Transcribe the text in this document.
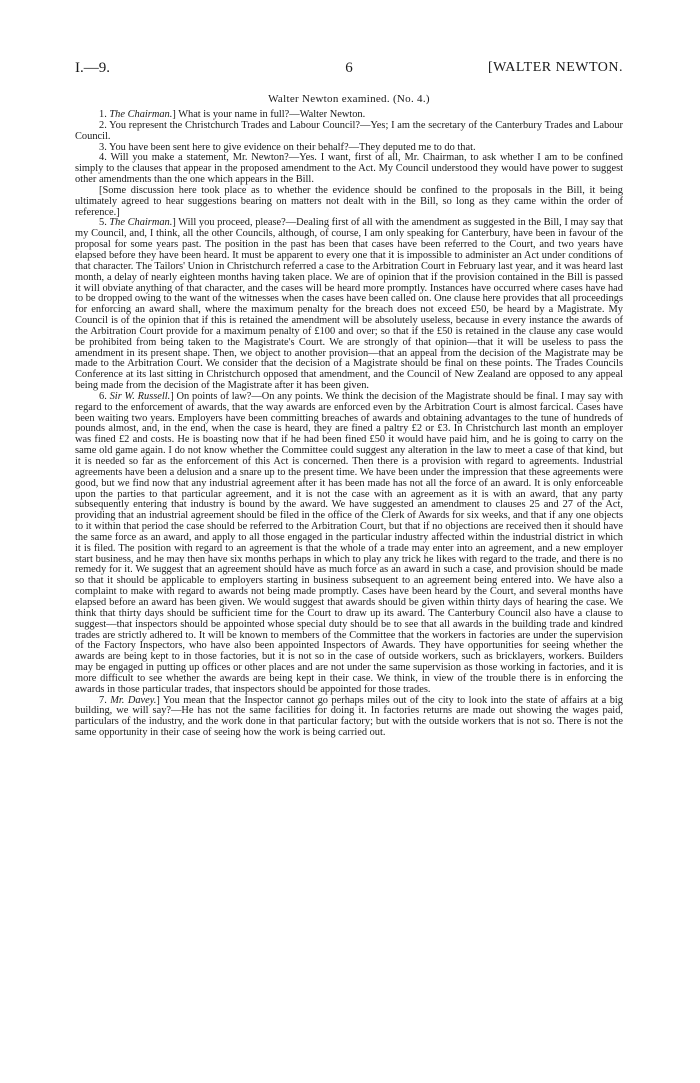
I.—9.	6	[WALTER NEWTON.
Walter Newton examined. (No. 4.)

1. The Chairman.] What is your name in full?—Walter Newton.

2. You represent the Christchurch Trades and Labour Council?—Yes; I am the secretary of the Canterbury Trades and Labour Council.

3. You have been sent here to give evidence on their behalf?—They deputed me to do that.

4. Will you make a statement, Mr. Newton?—Yes. I want, first of all, Mr. Chairman, to ask whether I am to be confined simply to the clauses that appear in the proposed amendment to the Act. My Council understood they would have power to suggest other amendments than the one which appears in the Bill.

[Some discussion here took place as to whether the evidence should be confined to the proposals in the Bill, it being ultimately agreed to hear suggestions bearing on matters not dealt with in the Bill, so long as they came within the order of reference.]

5. The Chairman.] Will you proceed, please?—Dealing first of all with the amendment as suggested in the Bill, I may say that my Council, and, I think, all the other Councils, although, of course, I am only speaking for Canterbury, have been in favour of the proposal for some years past. The position in the past has been that cases have been referred to the Court, and two years have elapsed before they have been heard. It must be apparent to every one that it is impossible to administer an Act under conditions of that character. The Tailors' Union in Christchurch referred a case to the Arbitration Court in February last year, and it was heard last month, a delay of nearly eighteen months having taken place. We are of opinion that if the provision contained in the Bill is passed it will obviate anything of that character, and the cases will be heard more promptly. Instances have occurred where cases have had to be dropped owing to the want of the witnesses when the cases have been called on. One clause here provides that all proceedings for enforcing an award shall, where the maximum penalty for the breach does not exceed £50, be heard by a Magistrate. My Council is of the opinion that if this is retained the amendment will be absolutely useless, because in every instance the awards of the Arbitration Court provide for a maximum penalty of £100 and over; so that if the £50 is retained in the clause any case would be prohibited from being taken to the Magistrate's Court. We are strongly of that opinion—that it will be useless to pass the amendment in its present shape. Then, we object to another provision—that an appeal from the decision of the Magistrate may be made to the Arbitration Court. We consider that the decision of a Magistrate should be final on these points. The Trades Councils Conference at its last sitting in Christchurch opposed that amendment, and the Council of New Zealand are opposed to any appeal being made from the decision of the Magistrate after it has been given.

6. Sir W. Russell.] On points of law?—On any points. We think the decision of the Magistrate should be final. I may say with regard to the enforcement of awards, that the way awards are enforced even by the Arbitration Court is almost farcical. Cases have been waiting two years. Employers have been committing breaches of awards and obtaining advantages to the tune of hundreds of pounds almost, and, in the end, when the case is heard, they are fined a paltry £2 or £3. In Christchurch last month an employer was fined £2 and costs. He is boasting now that if he had been fined £50 it would have paid him, and he is going to carry on the same old game again. I do not know whether the Committee could suggest any alteration in the law to meet a case of that kind, but it is needed so far as the enforcement of this Act is concerned. Then there is a provision with regard to agreements. Industrial agreements have been a delusion and a snare up to the present time. We have been under the impression that these agreements were good, but we find now that any industrial agreement after it has been made has not all the force of an award. It is only enforceable upon the parties to that particular agreement, and it is not the case with an agreement as it is with an award, that any party subsequently entering that industry is bound by the award. We have suggested an amendment to clauses 25 and 27 of the Act, providing that an industrial agreement should be filed in the office of the Clerk of Awards for six weeks, and that if any one objects to it within that period the case should be referred to the Arbitration Court, but that if no objections are received then it should have the same force as an award, and apply to all those engaged in the particular industry affected within the industrial district in which it is filed. The position with regard to an agreement is that the whole of a trade may enter into an agreement, and a new employer start business, and he may then have six months perhaps in which to play any trick he likes with regard to the trade, and there is no remedy for it. We suggest that an agreement should have as much force as an award in such a case, and provision should be made so that it should be applicable to employers starting in business subsequent to an agreement being entered into. We have also a complaint to make with regard to awards not being made promptly. Cases have been heard by the Court, and several months have elapsed before an award has been given. We would suggest that awards should be given within thirty days of hearing the case. We think that thirty days should be sufficient time for the Court to draw up its award. The Canterbury Council also have a clause to suggest—that inspectors should be appointed whose special duty should be to see that all awards in the building trade and kindred trades are strictly adhered to. It will be known to members of the Committee that the workers in factories are under the supervision of the Factory Inspectors, who have also been appointed Inspectors of Awards. They have opportunities for seeing whether the awards are being kept to in those factories, but it is not so in the case of outside workers, such as bricklayers, workers. Builders may be engaged in putting up offices or other places and are not under the same supervision as those working in factories, and it is more difficult to see whether the awards are being kept in their case. We think, in view of the trouble there is in enforcing the awards in those particular trades, that inspectors should be appointed for those trades.

7. Mr. Davey.] You mean that the Inspector cannot go perhaps miles out of the city to look into the state of affairs at a big building, we will say?—He has not the same facilities for doing it. In factories returns are made out showing the wages paid, particulars of the industry, and the work done in that particular factory; but with the outside workers that is not so. There is not the same opportunity in their case of seeing how the work is being carried out.
